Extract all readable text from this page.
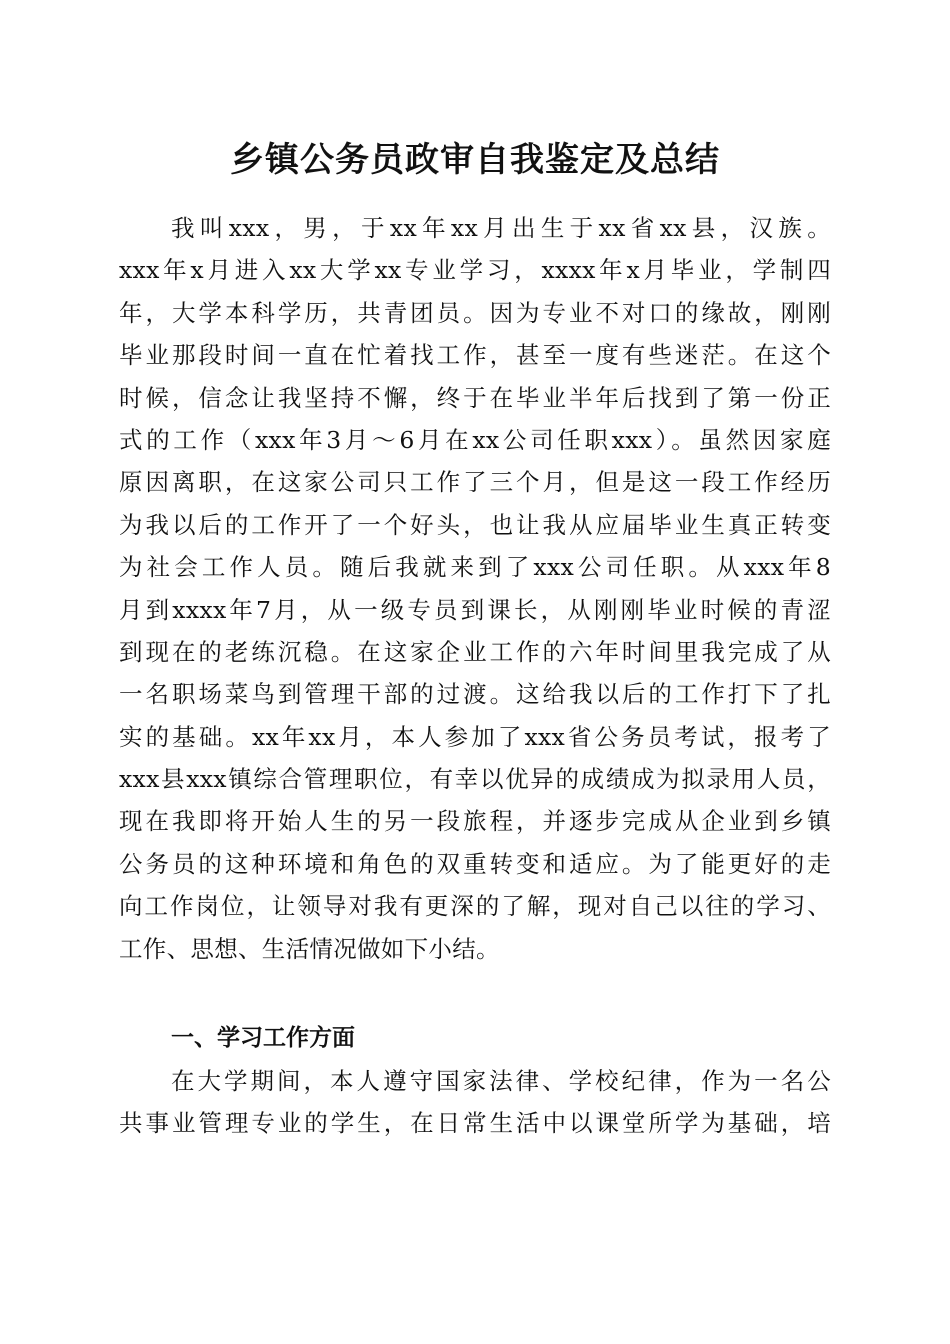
乡镇公务员政审自我鉴定及总结

我叫xxx，男，于xx年xx月出生于xx省xx县，汉族。

xxx年x月进入xx大学xx专业学习，xxxx年x月毕业，学制四

年，大学本科学历，共青团员。因为专业不对口的缘故，刚刚

毕业那段时间一直在忙着找工作，甚至一度有些迷茫。在这个

时候，信念让我坚持不懈，终于在毕业半年后找到了第一份正

式的工作（xxx年3月～6月在xx公司任职xxx）。虽然因家庭

原因离职，在这家公司只工作了三个月，但是这一段工作经历

为我以后的工作开了一个好头，也让我从应届毕业生真正转变

为社会工作人员。随后我就来到了xxx公司任职。从xxx年8

月到xxxx年7月，从一级专员到课长，从刚刚毕业时候的青涩

到现在的老练沉稳。在这家企业工作的六年时间里我完成了从

一名职场菜鸟到管理干部的过渡。这给我以后的工作打下了扎

实的基础。xx年xx月，本人参加了xxx省公务员考试，报考了

xxx县xxx镇综合管理职位，有幸以优异的成绩成为拟录用人员，

现在我即将开始人生的另一段旅程，并逐步完成从企业到乡镇

公务员的这种环境和角色的双重转变和适应。为了能更好的走

向工作岗位，让领导对我有更深的了解，现对自己以往的学习、

工作、思想、生活情况做如下小结。

一、学习工作方面

在大学期间，本人遵守国家法律、学校纪律，作为一名公

共事业管理专业的学生，在日常生活中以课堂所学为基础，培
